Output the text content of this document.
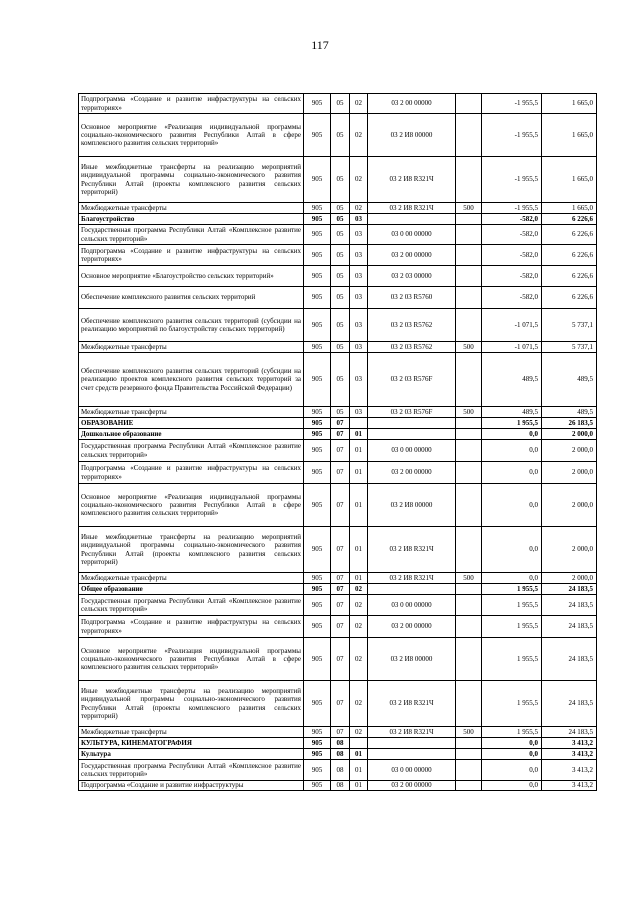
117
Подпрограмма «Создание и развитие инфраструктуры на сельских территориях»	905	05	02	03 2 00 00000		-1 955,5	1 665,0
Основное мероприятие «Реализация индивидуальной программы социально-экономического развития Республики Алтай в сфере комплексного развития сельских территорий»	905	05	02	03 2 И8 00000		-1 955,5	1 665,0
Иные межбюджетные трансферты на реализацию мероприятий индивидуальной программы социально-экономического развития Республики Алтай (проекты комплексного развития сельских территорий)	905	05	02	03 2 И8 R321Ч		-1 955,5	1 665,0
Межбюджетные трансферты	905	05	02	03 2 И8 R321Ч	500	-1 955,5	1 665,0
Благоустройство	905	05	03			-582,0	6 226,6
Государственная программа Республики Алтай «Комплексное развитие сельских территорий»	905	05	03	03 0 00 00000		-582,0	6 226,6
Подпрограмма «Создание и развитие инфраструктуры на сельских территориях»	905	05	03	03 2 00 00000		-582,0	6 226,6
Основное мероприятие «Благоустройство сельских территорий»	905	05	03	03 2 03 00000		-582,0	6 226,6
Обеспечение комплексного развития сельских территорий	905	05	03	03 2 03 R5760		-582,0	6 226,6
Обеспечение комплексного развития сельских территорий (субсидии на реализацию мероприятий по благоустройству сельских территорий)	905	05	03	03 2 03 R5762		-1 071,5	5 737,1
Межбюджетные трансферты	905	05	03	03 2 03 R5762	500	-1 071,5	5 737,1
Обеспечение комплексного развития сельских территорий (субсидии на реализацию проектов комплексного развития сельских территорий за счет средств резервного фонда Правительства Российской Федерации)	905	05	03	03 2 03 R576F		489,5	489,5
Межбюджетные трансферты	905	05	03	03 2 03 R576F	500	489,5	489,5
ОБРАЗОВАНИЕ	905	07				1 955,5	26 183,5
Дошкольное образование	905	07	01			0,0	2 000,0
Государственная программа Республики Алтай «Комплексное развитие сельских территорий»	905	07	01	03 0 00 00000		0,0	2 000,0
Подпрограмма «Создание и развитие инфраструктуры на сельских территориях»	905	07	01	03 2 00 00000		0,0	2 000,0
Основное мероприятие «Реализация индивидуальной программы социально-экономического развития Республики Алтай в сфере комплексного развития сельских территорий»	905	07	01	03 2 И8 00000		0,0	2 000,0
Иные межбюджетные трансферты на реализацию мероприятий индивидуальной программы социально-экономического развития Республики Алтай (проекты комплексного развития сельских территорий)	905	07	01	03 2 И8 R321Ч		0,0	2 000,0
Межбюджетные трансферты	905	07	01	03 2 И8 R321Ч	500	0,0	2 000,0
Общее образование	905	07	02			1 955,5	24 183,5
Государственная программа Республики Алтай «Комплексное развитие сельских территорий»	905	07	02	03 0 00 00000		1 955,5	24 183,5
Подпрограмма «Создание и развитие инфраструктуры на сельских территориях»	905	07	02	03 2 00 00000		1 955,5	24 183,5
Основное мероприятие «Реализация индивидуальной программы социально-экономического развития Республики Алтай в сфере комплексного развития сельских территорий»	905	07	02	03 2 И8 00000		1 955,5	24 183,5
Иные межбюджетные трансферты на реализацию мероприятий индивидуальной программы социально-экономического развития Республики Алтай (проекты комплексного развития сельских территорий)	905	07	02	03 2 И8 R321Ч		1 955,5	24 183,5
Межбюджетные трансферты	905	07	02	03 2 И8 R321Ч	500	1 955,5	24 183,5
КУЛЬТУРА, КИНЕМАТОГРАФИЯ	905	08				0,0	3 413,2
Культура	905	08	01			0,0	3 413,2
Государственная программа Республики Алтай «Комплексное развитие сельских территорий»	905	08	01	03 0 00 00000		0,0	3 413,2
Подпрограмма «Создание и развитие инфраструктуры	905	08	01	03 2 00 00000		0,0	3 413,2
